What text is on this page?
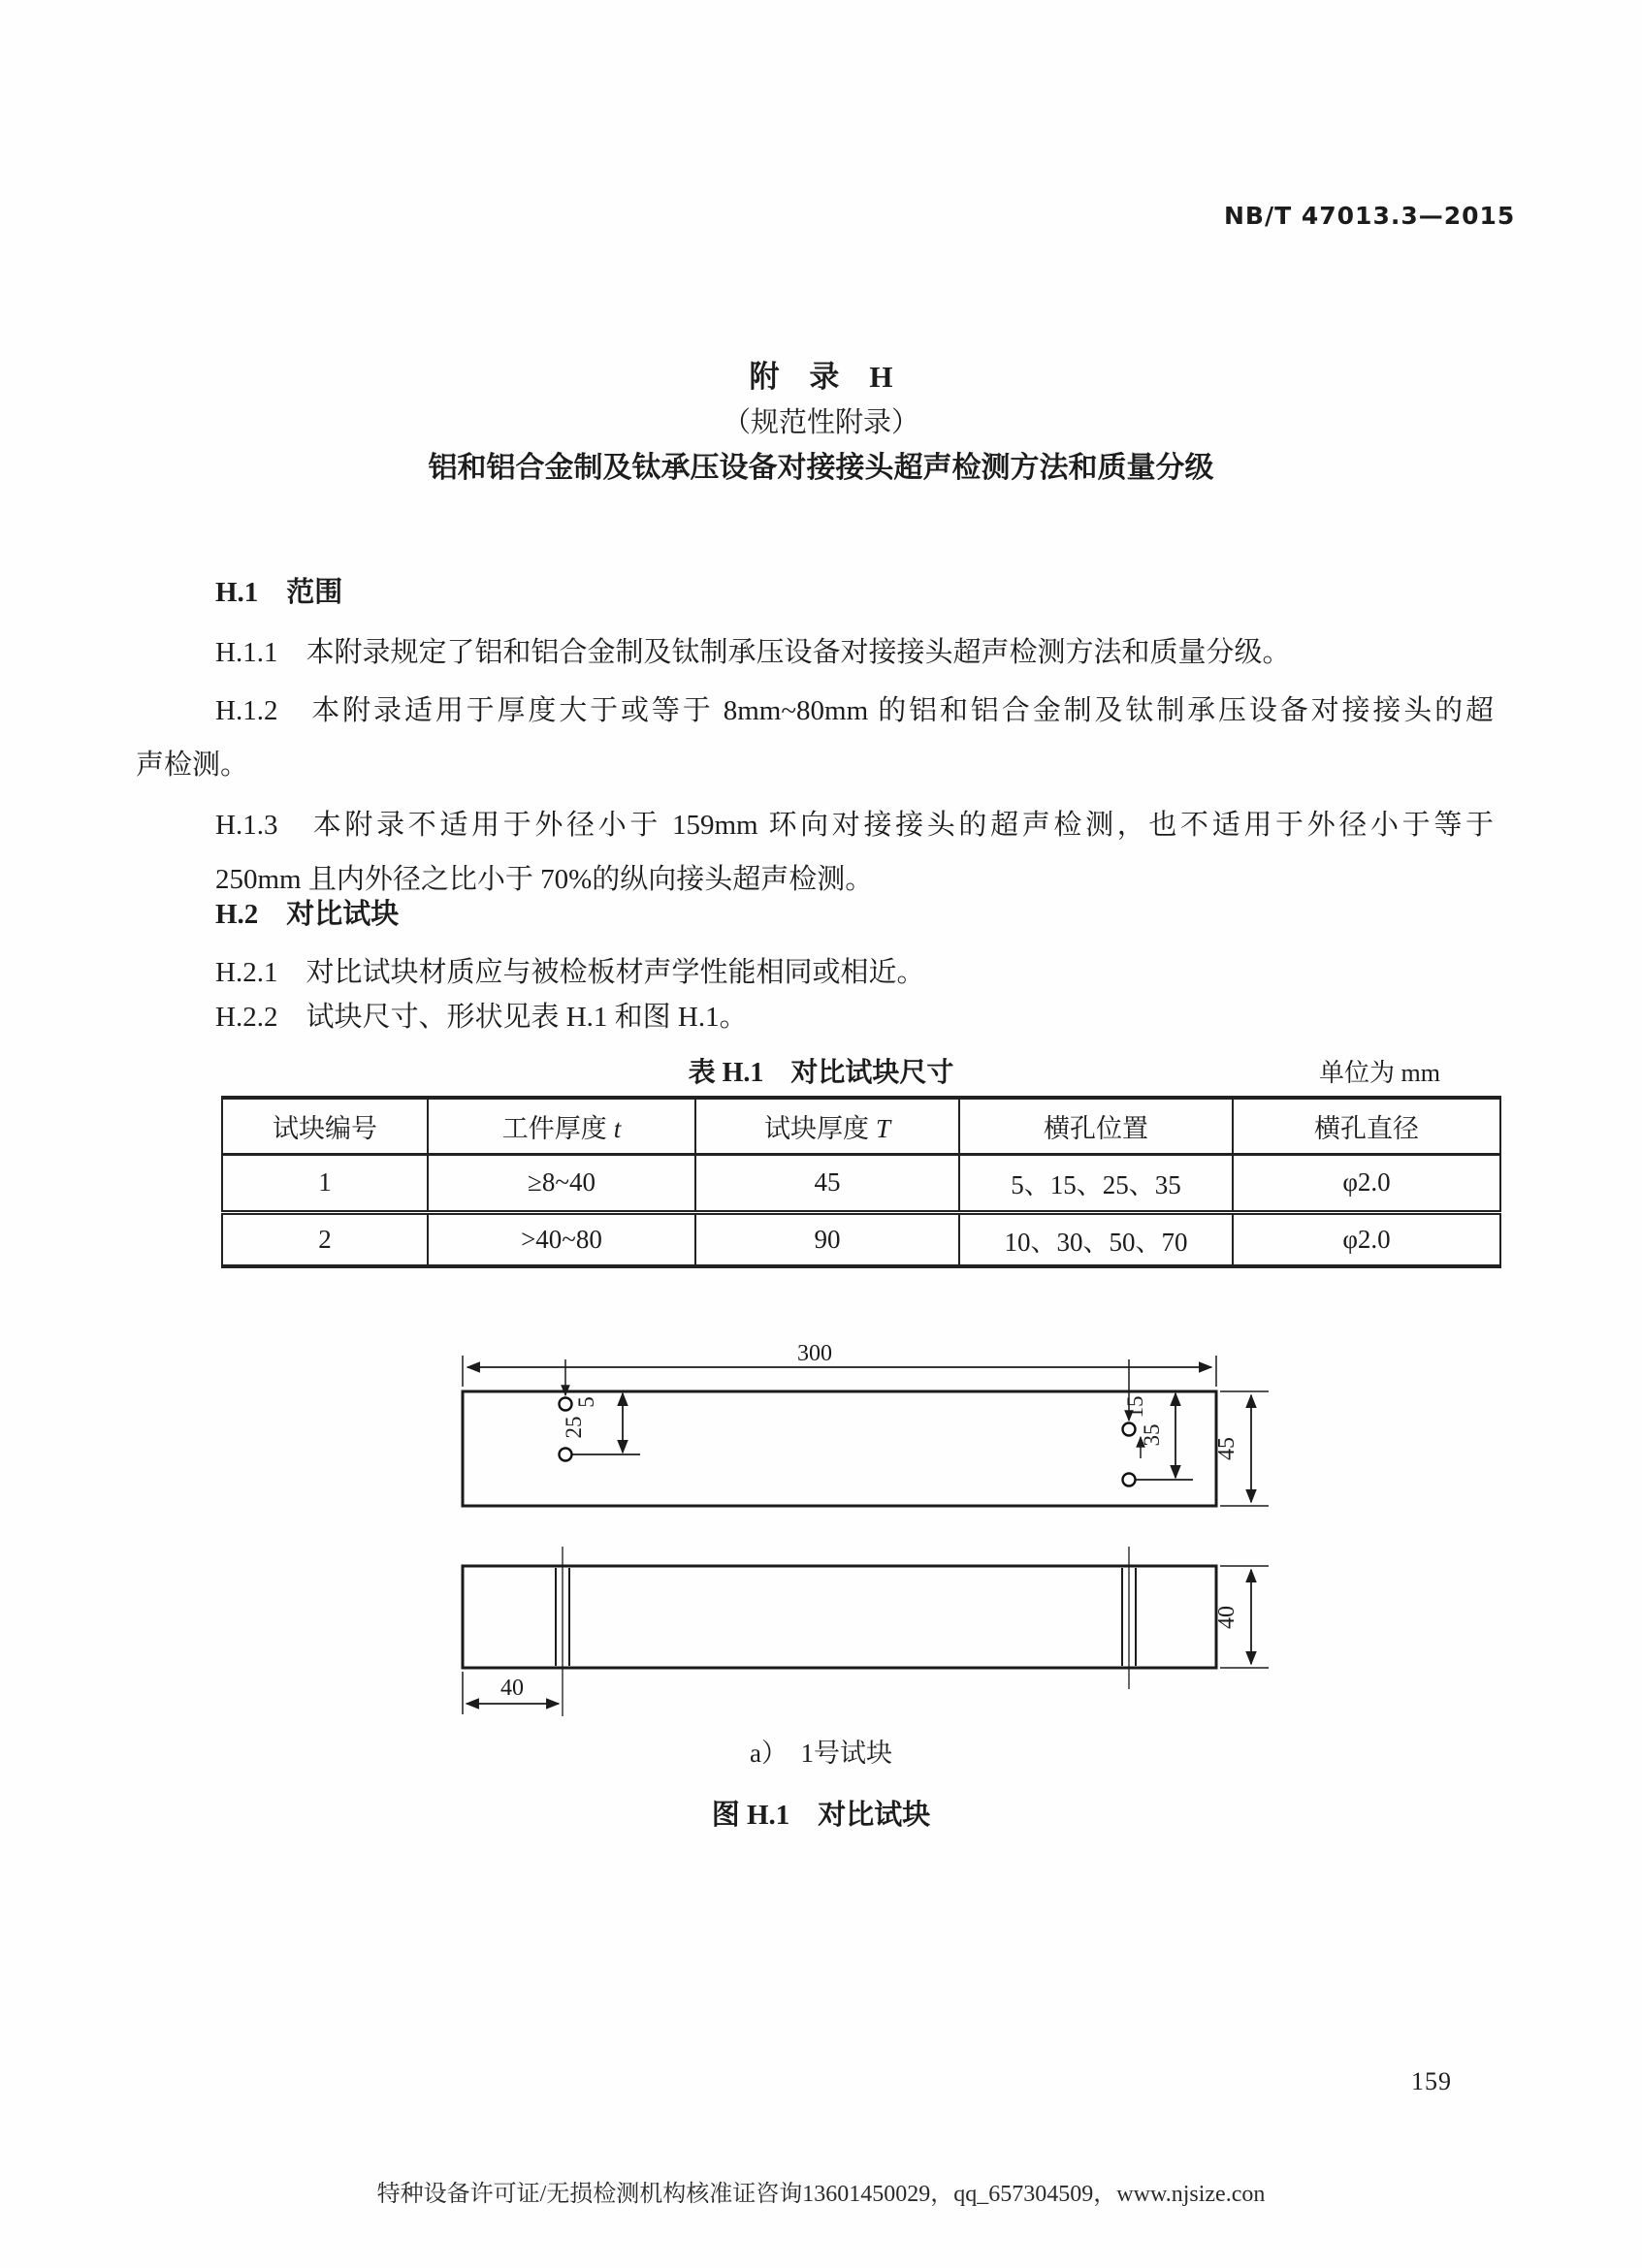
NB/T 47013.3—2015
附　录　H
（规范性附录）
铝和铝合金制及钛承压设备对接接头超声检测方法和质量分级
H.1　范围
H.1.1　本附录规定了铝和铝合金制及钛制承压设备对接接头超声检测方法和质量分级。
H.1.2　本附录适用于厚度大于或等于 8mm~80mm 的铝和铝合金制及钛制承压设备对接接头的超
声检测。
H.1.3　本附录不适用于外径小于 159mm 环向对接接头的超声检测，也不适用于外径小于等于
250mm 且内外径之比小于 70%的纵向接头超声检测。
H.2　对比试块
H.2.1　对比试块材质应与被检板材声学性能相同或相近。
H.2.2　试块尺寸、形状见表 H.1 和图 H.1。
表 H.1　对比试块尺寸	单位为 mm
试块编号	工件厚度 t	试块厚度 T	横孔位置	横孔直径
1	≥8~40	45	5、15、25、35	φ2.0
2	>40~80	90	10、30、50、70	φ2.0
300
5
25
15
35
45
40
40
a）　1号试块
图 H.1　对比试块
159
特种设备许可证/无损检测机构核准证咨询13601450029，qq_657304509，www.njsize.con
